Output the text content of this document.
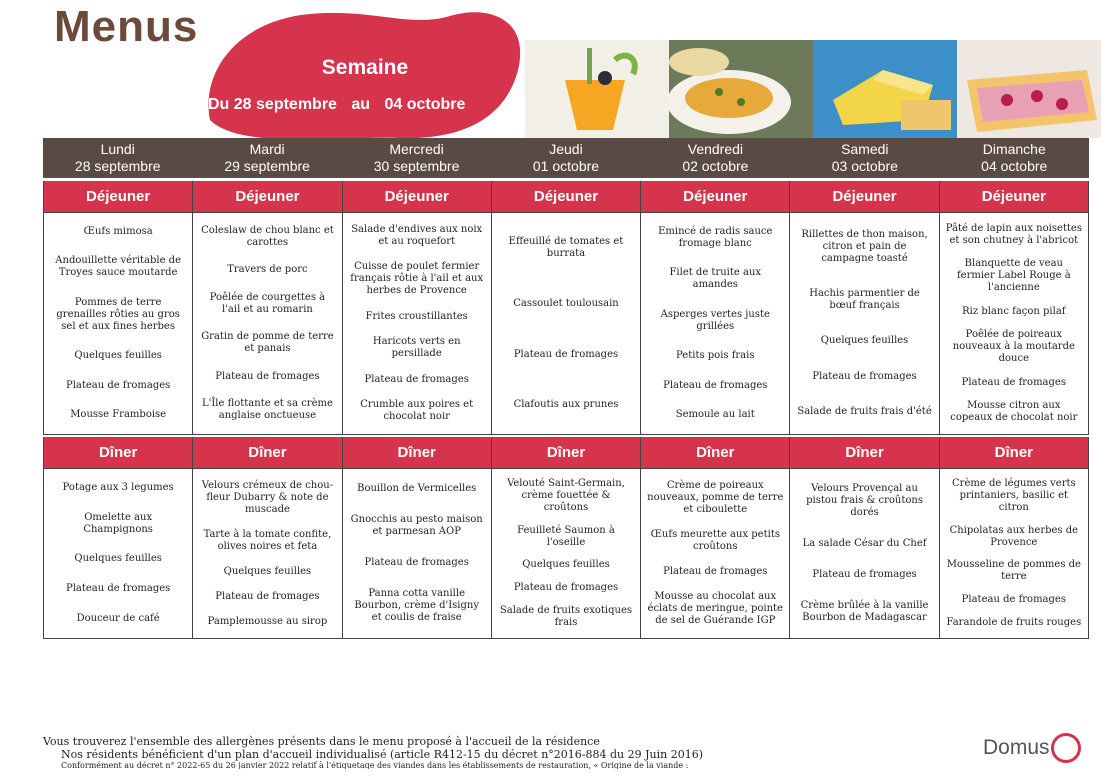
Menus
Semaine
Du 28 septembre au 04 octobre
Lundi
28 septembre
Mardi
29 septembre
Mercredi
30 septembre
Jeudi
01 octobre
Vendredi
02 octobre
Samedi
03 octobre
Dimanche
04 octobre
Déjeuner
Œufs mimosa
Andouillette véritable de Troyes sauce moutarde
Pommes de terre grenailles rôties au gros sel et aux fines herbes
Quelques feuilles
Plateau de fromages
Mousse Framboise
Déjeuner
Coleslaw de chou blanc et carottes
Travers de porc
Poêlée de courgettes à l'ail et au romarin
Gratin de pomme de terre et panais
Plateau de fromages
L'Île flottante et sa crème anglaise onctueuse
Déjeuner
Salade d'endives aux noix et au roquefort
Cuisse de poulet fermier français rôtie à l'ail et aux herbes de Provence
Frites croustillantes
Haricots verts en persillade
Plateau de fromages
Crumble aux poires et chocolat noir
Déjeuner
Effeuillé de tomates et burrata
Cassoulet toulousain
Plateau de fromages
Clafoutis aux prunes
Déjeuner
Emincé de radis sauce fromage blanc
Filet de truite aux amandes
Asperges vertes juste grillées
Petits pois frais
Plateau de fromages
Semoule au lait
Déjeuner
Rillettes de thon maison, citron et pain de campagne toasté
Hachis parmentier de bœuf français
Quelques feuilles
Plateau de fromages
Salade de fruits frais d'été
Déjeuner
Pâté de lapin aux noisettes et son chutney à l'abricot
Blanquette de veau fermier Label Rouge à l'ancienne
Riz blanc façon pilaf
Poêlée de poireaux nouveaux à la moutarde douce
Plateau de fromages
Mousse citron aux copeaux de chocolat noir
Dîner
Potage aux 3 legumes
Omelette aux Champignons
Quelques feuilles
Plateau de fromages
Douceur de café
Dîner
Velours crémeux de chou-fleur Dubarry & note de muscade
Tarte à la tomate confite, olives noires et feta
Quelques feuilles
Plateau de fromages
Pamplemousse au sirop
Dîner
Bouillon de Vermicelles
Gnocchis au pesto maison et parmesan AOP
Plateau de fromages
Panna cotta vanille Bourbon, crème d'Isigny et coulis de fraise
Dîner
Velouté Saint-Germain, crème fouettée & croûtons
Feuilleté Saumon à l'oseille
Quelques feuilles
Plateau de fromages
Salade de fruits exotiques frais
Dîner
Crème de poireaux nouveaux, pomme de terre et ciboulette
Œufs meurette aux petits croûtons
Plateau de fromages
Mousse au chocolat aux éclats de meringue, pointe de sel de Guérande IGP
Dîner
Velours Provençal au pistou frais & croûtons dorés
La salade César du Chef
Plateau de fromages
Crème brûlée à la vanille Bourbon de Madagascar
Dîner
Crème de légumes verts printaniers, basilic et citron
Chipolatas aux herbes de Provence
Mousseline de pommes de terre
Plateau de fromages
Farandole de fruits rouges
Vous trouverez l'ensemble des allergènes présents dans le menu proposé à l'accueil de la résidence
Nos résidents bénéficient d'un plan d'accueil individualisé (article R412-15 du décret n°2016-884 du 29 Juin 2016)
Conformément au décret n° 2022-65 du 26 janvier 2022 relatif à l'étiquetage des viandes dans les établissements de restauration, « Origine de la viande :
Domus
